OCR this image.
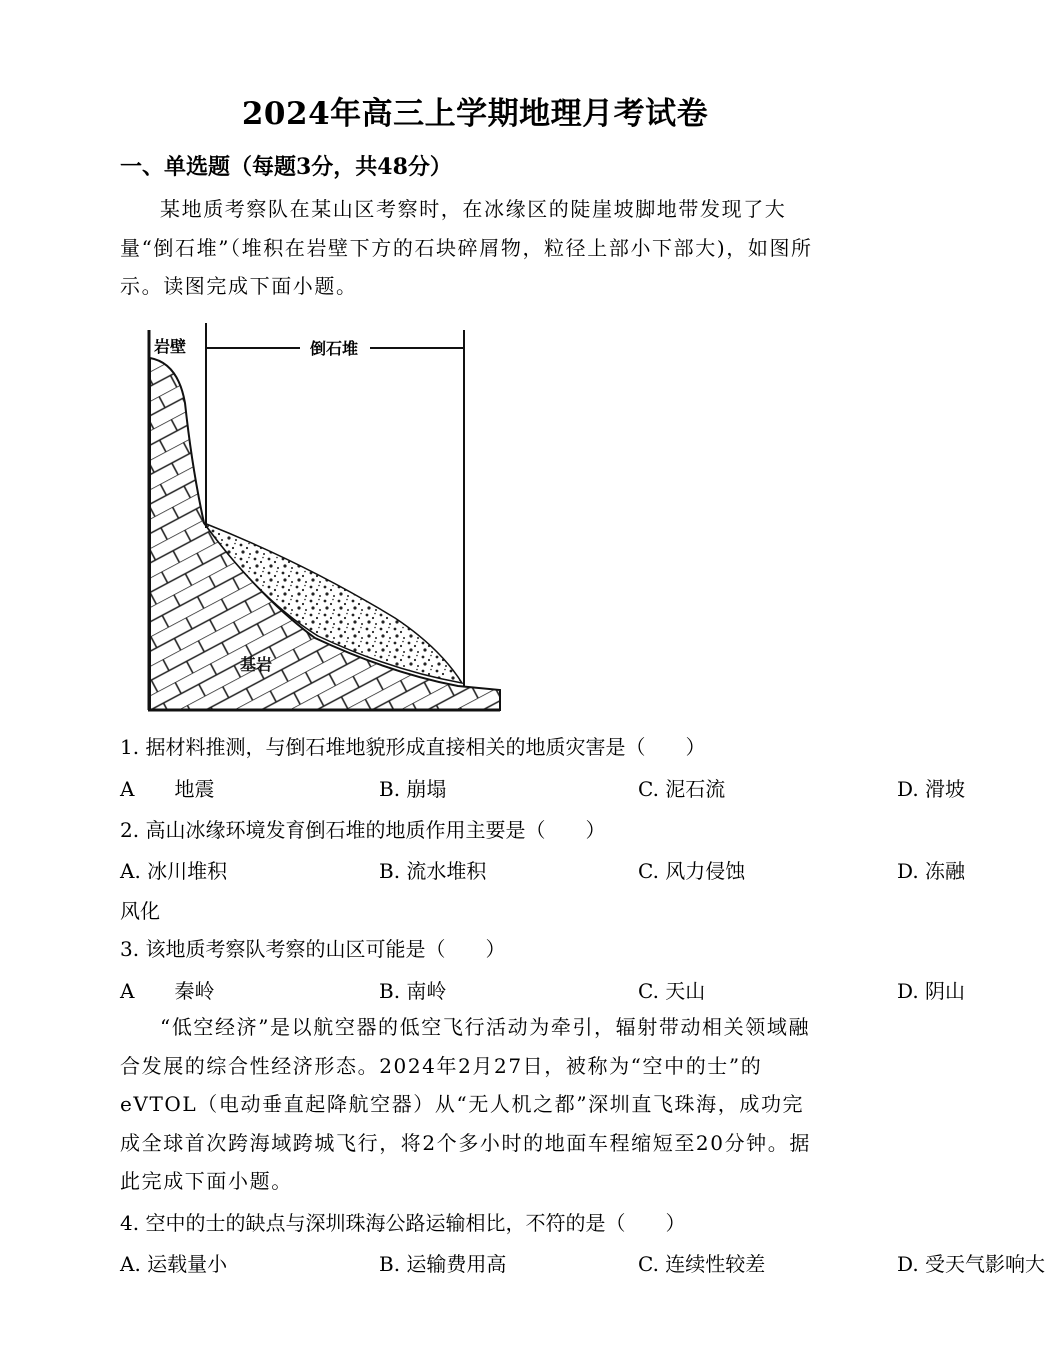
2024年高三上学期地理月考试卷
一、单选题（每题3分，共48分）

某地质考察队在某山区考察时，在冰缘区的陡崖坡脚地带发现了大量“倒石堆”（堆积在岩壁下方的石块碎屑物，粒径上部小下部大)，如图所示。读图完成下面小题。

岩壁	倒石堆
基岩
1. 据材料推测，与倒石堆地貌形成直接相关的地质灾害是（　　）
A　　地震	B. 崩塌	C. 泥石流	D. 滑坡
2. 高山冰缘环境发育倒石堆的地质作用主要是（　　）
A. 冰川堆积	B. 流水堆积	C. 风力侵蚀	D. 冻融
风化
3. 该地质考察队考察的山区可能是（　　）
A　　秦岭	B. 南岭	C. 天山	D. 阴山

“低空经济”是以航空器的低空飞行活动为牵引，辐射带动相关领域融合发展的综合性经济形态。2024年2月27日，被称为“空中的士”的eVTOL（电动垂直起降航空器）从“无人机之都”深圳直飞珠海，成功完成全球首次跨海域跨城飞行，将2个多小时的地面车程缩短至20分钟。据此完成下面小题。

4. 空中的士的缺点与深圳珠海公路运输相比，不符的是（　　）
A. 运载量小	B. 运输费用高	C. 连续性较差	D. 受天气影响大
